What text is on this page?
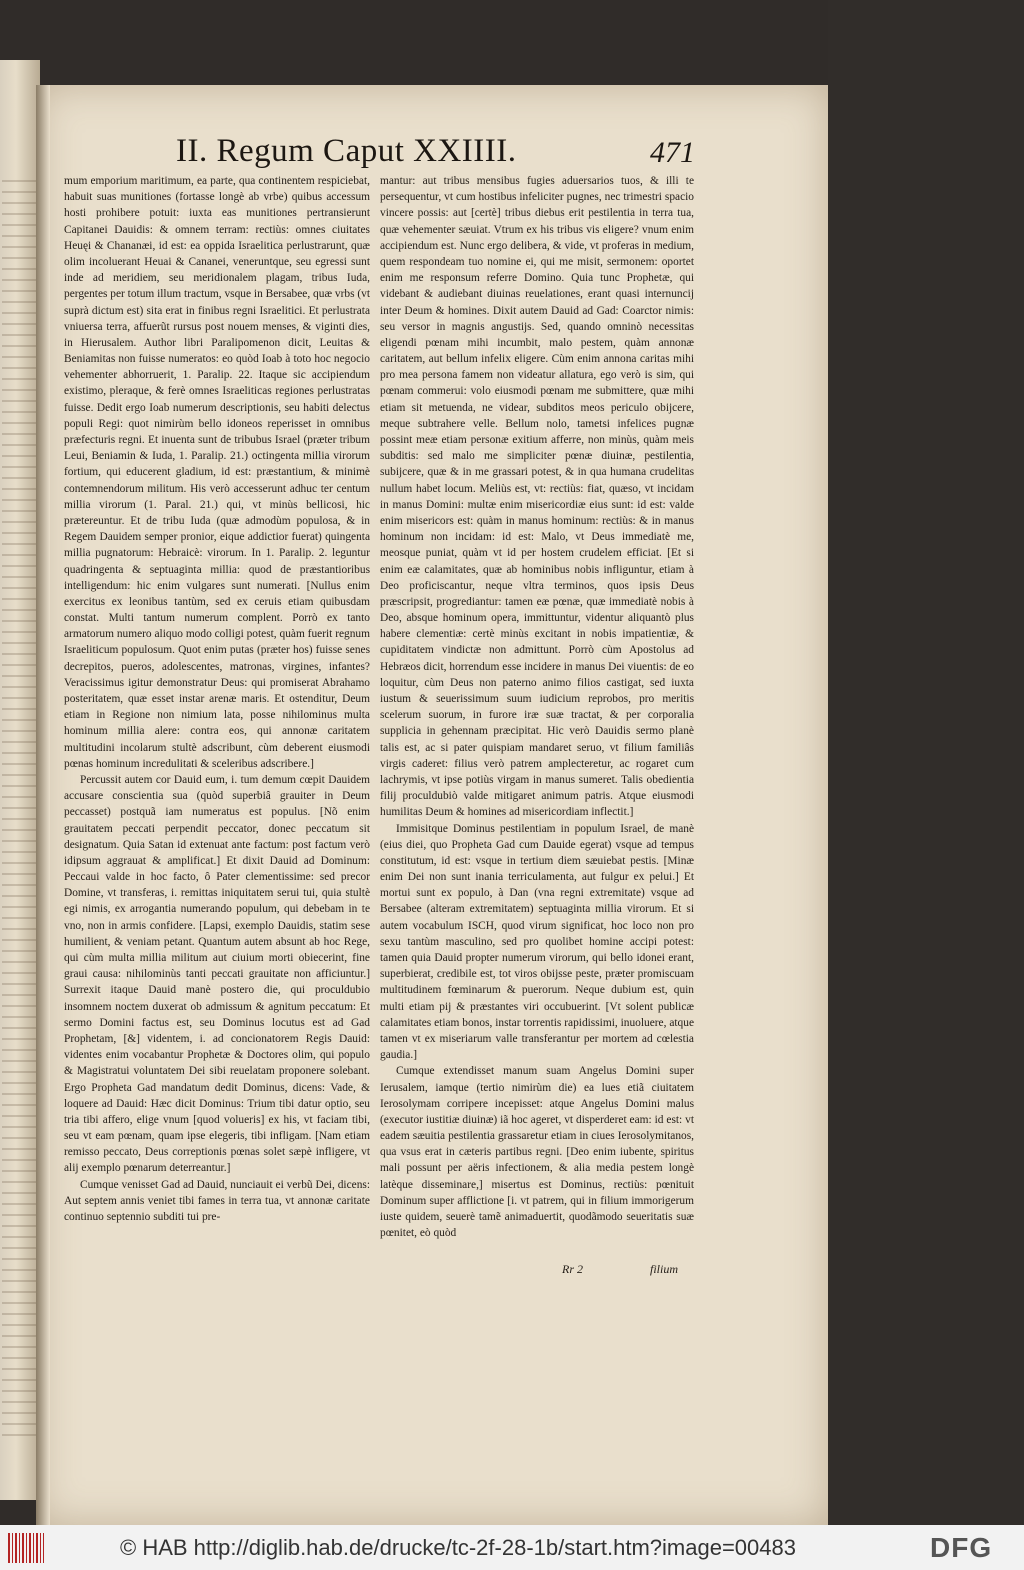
II. Regum Caput XXIIII.	471

mum emporium maritimum, ea parte, qua continentem respiciebat, habuit suas munitiones (fortasse longè ab vrbe) quibus accessum hosti prohibere potuit: iuxta eas munitiones pertransierunt Capitanei Dauidis: & omnem terram: rectiùs: omnes ciuitates Heuęi & Chananæi, id est: ea oppida Israelitica perlustrarunt, quæ olim incoluerant Heuai & Cananei, veneruntque, seu egressi sunt inde ad meridiem, seu meridionalem plagam, tribus Iuda, pergentes per totum illum tractum, vsque in Bersabee, quæ vrbs (vt suprà dictum est) sita erat in finibus regni Israelitici. Et perlustrata vniuersa terra, affuerũt rursus post nouem menses, & viginti dies, in Hierusalem. Author libri Paralipomenon dicit, Leuitas & Beniamitas non fuisse numeratos: eo quòd Ioab à toto hoc negocio vehementer abhorruerit, 1. Paralip. 22. Itaque sic accipiendum existimo, pleraque, & ferè omnes Israeliticas regiones perlustratas fuisse. Dedit ergo Ioab numerum descriptionis, seu habiti delectus populi Regi: quot nimirùm bello idoneos reperisset in omnibus præfecturis regni. Et inuenta sunt de tribubus Israel (præter tribum Leui, Beniamin & Iuda, 1. Paralip. 21.) octingenta millia virorum fortium, qui educerent gladium, id est: præstantium, & minimè contemnendorum militum. His verò accesserunt adhuc ter centum millia virorum (1. Paral. 21.) qui, vt minùs bellicosi, hic prætereuntur. Et de tribu Iuda (quæ admodùm populosa, & in Regem Dauidem semper pronior, eique addictior fuerat) quingenta millia pugnatorum: Hebraicè: virorum. In 1. Paralip. 2. leguntur quadringenta & septuaginta millia: quod de præstantioribus intelligendum: hic enim vulgares sunt numerati. [Nullus enim exercitus ex leonibus tantùm, sed ex ceruis etiam quibusdam constat. Multi tantum numerum complent. Porrò ex tanto armatorum numero aliquo modo colligi potest, quàm fuerit regnum Israeliticum populosum. Quot enim putas (præter hos) fuisse senes decrepitos, pueros, adolescentes, matronas, virgines, infantes? Veracissimus igitur demonstratur Deus: qui promiserat Abrahamo posteritatem, quæ esset instar arenæ maris. Et ostenditur, Deum etiam in Regione non nimium lata, posse nihilominus multa hominum millia alere: contra eos, qui annonæ caritatem multitudini incolarum stultè adscribunt, cùm deberent eiusmodi pœnas hominum incredulitati & sceleribus adscribere.]

Percussit autem cor Dauid eum, i. tum demum cœpit Dauidem accusare conscientia sua (quòd superbiâ grauiter in Deum peccasset) postquã iam numeratus est populus. [Nõ enim grauitatem peccati perpendit peccator, donec peccatum sit designatum. Quia Satan id extenuat ante factum: post factum verò idipsum aggrauat & amplificat.] Et dixit Dauid ad Dominum: Peccaui valde in hoc facto, ô Pater clementissime: sed precor Domine, vt transferas, i. remittas iniquitatem serui tui, quia stultè egi nimis, ex arrogantia numerando populum, qui debebam in te vno, non in armis confidere. [Lapsi, exemplo Dauidis, statim sese humilient, & veniam petant. Quantum autem absunt ab hoc Rege, qui cùm multa millia militum aut ciuium morti obiecerint, fine graui causa: nihilominùs tanti peccati grauitate non afficiuntur.] Surrexit itaque Dauid manè postero die, qui proculdubio insomnem noctem duxerat ob admissum & agnitum peccatum: Et sermo Domini factus est, seu Dominus locutus est ad Gad Prophetam, [&] videntem, i. ad concionatorem Regis Dauid: videntes enim vocabantur Prophetæ & Doctores olim, qui populo & Magistratui voluntatem Dei sibi reuelatam proponere solebant. Ergo Propheta Gad mandatum dedit Dominus, dicens: Vade, & loquere ad Dauid: Hæc dicit Dominus: Trium tibi datur optio, seu tria tibi affero, elige vnum [quod volueris] ex his, vt faciam tibi, seu vt eam pœnam, quam ipse elegeris, tibi infligam. [Nam etiam remisso peccato, Deus correptionis pœnas solet sæpè infligere, vt alij exemplo pœnarum deterreantur.]

Cumque venisset Gad ad Dauid, nunciauit ei verbũ Dei, dicens: Aut septem annis veniet tibi fames in terra tua, vt annonæ caritate continuo septennio subditi tui pre-

mantur: aut tribus mensibus fugies aduersarios tuos, & illi te persequentur, vt cum hostibus infeliciter pugnes, nec trimestri spacio vincere possis: aut [certè] tribus diebus erit pestilentia in terra tua, quæ vehementer sæuiat. Vtrum ex his tribus vis eligere? vnum enim accipiendum est. Nunc ergo delibera, & vide, vt proferas in medium, quem respondeam tuo nomine ei, qui me misit, sermonem: oportet enim me responsum referre Domino. Quia tunc Prophetæ, qui videbant & audiebant diuinas reuelationes, erant quasi internuncij inter Deum & homines. Dixit autem Dauid ad Gad: Coarctor nimis: seu versor in magnis angustijs. Sed, quando omninò necessitas eligendi pœnam mihi incumbit, malo pestem, quàm annonæ caritatem, aut bellum infelix eligere. Cùm enim annona caritas mihi pro mea persona famem non videatur allatura, ego verò is sim, qui pœnam commerui: volo eiusmodi pœnam me submittere, quæ mihi etiam sit metuenda, ne videar, subditos meos periculo obijcere, meque subtrahere velle. Bellum nolo, tametsi infelices pugnæ possint meæ etiam personæ exitium afferre, non minùs, quàm meis subditis: sed malo me simpliciter pœnæ diuinæ, pestilentia, subijcere, quæ & in me grassari potest, & in qua humana crudelitas nullum habet locum. Meliùs est, vt: rectiùs: fiat, quæso, vt incidam in manus Domini: multæ enim misericordiæ eius sunt: id est: valde enim misericors est: quàm in manus hominum: rectiùs: & in manus hominum non incidam: id est: Malo, vt Deus immediatè me, meosque puniat, quàm vt id per hostem crudelem efficiat. [Et si enim eæ calamitates, quæ ab hominibus nobis infliguntur, etiam à Deo proficiscantur, neque vltra terminos, quos ipsis Deus præscripsit, progrediantur: tamen eæ pœnæ, quæ immediatè nobis à Deo, absque hominum opera, immittuntur, videntur aliquantò plus habere clementiæ: certè minùs excitant in nobis impatientiæ, & cupiditatem vindictæ non admittunt. Porrò cùm Apostolus ad Hebræos dicit, horrendum esse incidere in manus Dei viuentis: de eo loquitur, cùm Deus non paterno animo filios castigat, sed iuxta iustum & seuerissimum suum iudicium reprobos, pro meritis scelerum suorum, in furore iræ suæ tractat, & per corporalia supplicia in gehennam præcipitat. Hic verò Dauidis sermo planè talis est, ac si pater quispiam mandaret seruo, vt filium familiâs virgis caderet: filius verò patrem amplecteretur, ac rogaret cum lachrymis, vt ipse potiùs virgam in manus sumeret. Talis obedientia filij proculdubiò valde mitigaret animum patris. Atque eiusmodi humilitas Deum & homines ad misericordiam inflectit.]

Immisitque Dominus pestilentiam in populum Israel, de manè (eius diei, quo Propheta Gad cum Dauide egerat) vsque ad tempus constitutum, id est: vsque in tertium diem sæuiebat pestis. [Minæ enim Dei non sunt inania terriculamenta, aut fulgur ex pelui.] Et mortui sunt ex populo, à Dan (vna regni extremitate) vsque ad Bersabee (alteram extremitatem) septuaginta millia virorum. Et si autem vocabulum ISCH, quod virum significat, hoc loco non pro sexu tantùm masculino, sed pro quolibet homine accipi potest: tamen quia Dauid propter numerum virorum, qui bello idonei erant, superbierat, credibile est, tot viros obijsse peste, præter promiscuam multitudinem fœminarum & puerorum. Neque dubium est, quin multi etiam pij & præstantes viri occubuerint. [Vt solent publicæ calamitates etiam bonos, instar torrentis rapidissimi, inuoluere, atque tamen vt ex miseriarum valle transferantur per mortem ad cœlestia gaudia.]

Cumque extendisset manum suam Angelus Domini super Ierusalem, iamque (tertio nimirùm die) ea lues etiã ciuitatem Ierosolymam corripere incepisset: atque Angelus Domini malus (executor iustitiæ diuinæ) iã hoc ageret, vt disperderet eam: id est: vt eadem sæuitia pestilentia grassaretur etiam in ciues Ierosolymitanos, qua vsus erat in cæteris partibus regni. [Deo enim iubente, spiritus mali possunt per aëris infectionem, & alia media pestem longè latèque disseminare,] misertus est Dominus, rectiùs: pœnituit Dominum super afflictione [i. vt patrem, qui in filium immorigerum iuste quidem, seuerè tamẽ animaduertit, quodãmodo seueritatis suæ pœnitet, eò quòd

Rr 2	filium
© HAB http://diglib.hab.de/drucke/tc-2f-28-1b/start.htm?image=00483	DFG
